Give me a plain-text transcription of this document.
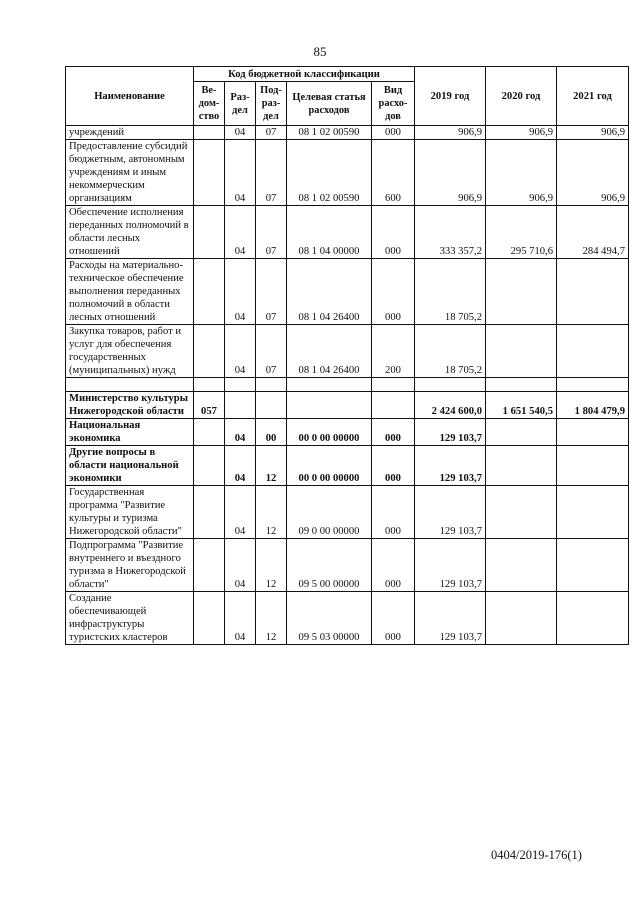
85
Наименование	Код бюджетной классификации					2019 год	2020 год	2021 год
	Ве-дом-ство	Раз-дел	Под-раз-дел	Целевая статья расходов	Вид расхо-дов			
учреждений		04	07	08 1 02 00590	000	906,9	906,9	906,9
Предоставление субсидий бюджетным, автономным учреждениям и иным некоммерческим организациям		04	07	08 1 02 00590	600	906,9	906,9	906,9
Обеспечение исполнения переданных полномочий в области лесных отношений		04	07	08 1 04 00000	000	333 357,2	295 710,6	284 494,7
Расходы на материально-техническое обеспечение выполнения переданных полномочий в области лесных отношений		04	07	08 1 04 26400	000	18 705,2		
Закупка товаров, работ и услуг для обеспечения государственных (муниципальных) нужд		04	07	08 1 04 26400	200	18 705,2		

Министерство культуры Нижегородской области	057					2 424 600,0	1 651 540,5	1 804 479,9
Национальная экономика		04	00	00 0 00 00000	000	129 103,7		
Другие вопросы в области национальной экономики		04	12	00 0 00 00000	000	129 103,7		
Государственная программа "Развитие культуры и туризма Нижегородской области"		04	12	09 0 00 00000	000	129 103,7		
Подпрограмма "Развитие внутреннего и въездного туризма в Нижегородской области"		04	12	09 5 00 00000	000	129 103,7		
Создание обеспечивающей инфраструктуры туристских кластеров		04	12	09 5 03 00000	000	129 103,7		
0404/2019-176(1)
